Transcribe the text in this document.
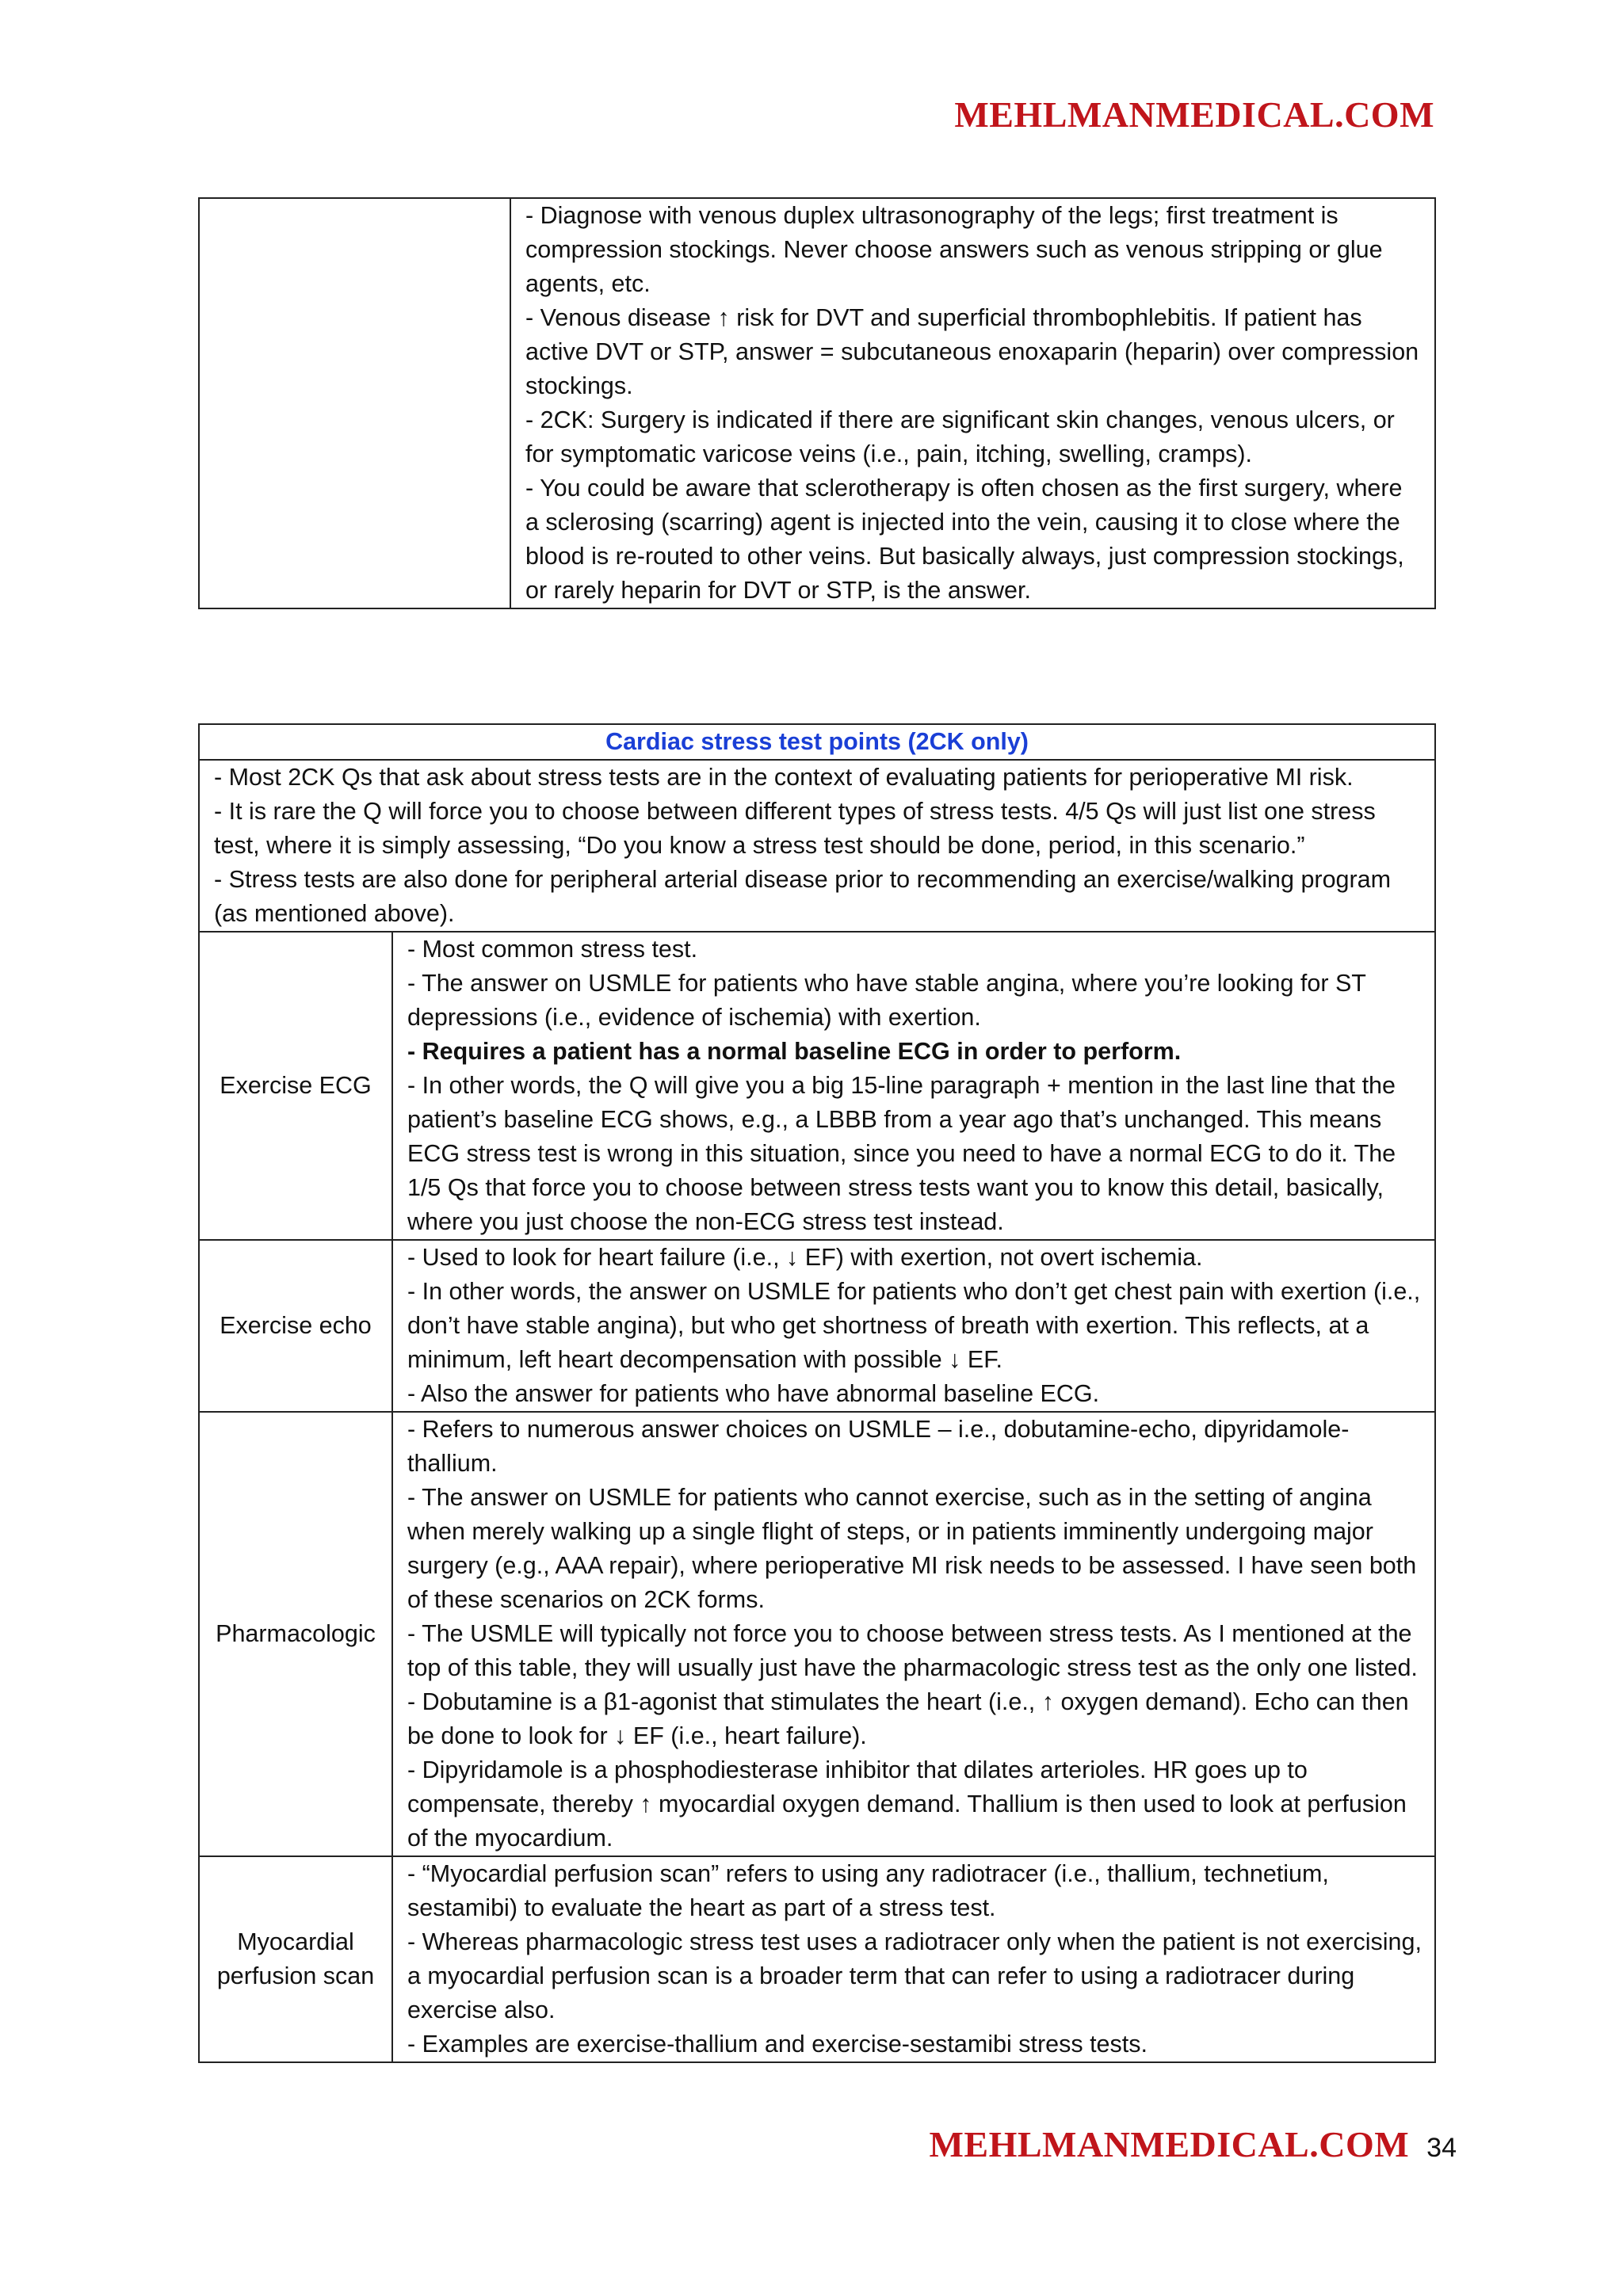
MEHLMANMEDICAL.COM

- Diagnose with venous duplex ultrasonography of the legs; first treatment is compression stockings. Never choose answers such as venous stripping or glue agents, etc.
- Venous disease ↑ risk for DVT and superficial thrombophlebitis. If patient has active DVT or STP, answer = subcutaneous enoxaparin (heparin) over compression stockings.
- 2CK: Surgery is indicated if there are significant skin changes, venous ulcers, or for symptomatic varicose veins (i.e., pain, itching, swelling, cramps).
- You could be aware that sclerotherapy is often chosen as the first surgery, where a sclerosing (scarring) agent is injected into the vein, causing it to close where the blood is re-routed to other veins. But basically always, just compression stockings, or rarely heparin for DVT or STP, is the answer.
Cardiac stress test points (2CK only)	

- Most 2CK Qs that ask about stress tests are in the context of evaluating patients for perioperative MI risk.
- It is rare the Q will force you to choose between different types of stress tests. 4/5 Qs will just list one stress test, where it is simply assessing, “Do you know a stress test should be done, period, in this scenario.”
- Stress tests are also done for peripheral arterial disease prior to recommending an exercise/walking program (as mentioned above).	

Exercise ECG	- Most common stress test.
- The answer on USMLE for patients who have stable angina, where you’re looking for ST depressions (i.e., evidence of ischemia) with exertion.
- Requires a patient has a normal baseline ECG in order to perform.
- In other words, the Q will give you a big 15-line paragraph + mention in the last line that the patient’s baseline ECG shows, e.g., a LBBB from a year ago that’s unchanged. This means ECG stress test is wrong in this situation, since you need to have a normal ECG to do it. The 1/5 Qs that force you to choose between stress tests want you to know this detail, basically, where you just choose the non-ECG stress test instead.

Exercise echo	- Used to look for heart failure (i.e., ↓ EF) with exertion, not overt ischemia.
- In other words, the answer on USMLE for patients who don’t get chest pain with exertion (i.e., don’t have stable angina), but who get shortness of breath with exertion. This reflects, at a minimum, left heart decompensation with possible ↓ EF.
- Also the answer for patients who have abnormal baseline ECG.

Pharmacologic	- Refers to numerous answer choices on USMLE – i.e., dobutamine-echo, dipyridamole-thallium.
- The answer on USMLE for patients who cannot exercise, such as in the setting of angina when merely walking up a single flight of steps, or in patients imminently undergoing major surgery (e.g., AAA repair), where perioperative MI risk needs to be assessed. I have seen both of these scenarios on 2CK forms.
- The USMLE will typically not force you to choose between stress tests. As I mentioned at the top of this table, they will usually just have the pharmacologic stress test as the only one listed.
- Dobutamine is a β1-agonist that stimulates the heart (i.e., ↑ oxygen demand). Echo can then be done to look for ↓ EF (i.e., heart failure).
- Dipyridamole is a phosphodiesterase inhibitor that dilates arterioles. HR goes up to compensate, thereby ↑ myocardial oxygen demand. Thallium is then used to look at perfusion of the myocardium.

Myocardial
perfusion scan	- “Myocardial perfusion scan” refers to using any radiotracer (i.e., thallium, technetium, sestamibi) to evaluate the heart as part of a stress test.
- Whereas pharmacologic stress test uses a radiotracer only when the patient is not exercising, a myocardial perfusion scan is a broader term that can refer to using a radiotracer during exercise also.
- Examples are exercise-thallium and exercise-sestamibi stress tests.
MEHLMANMEDICAL.COM 34
